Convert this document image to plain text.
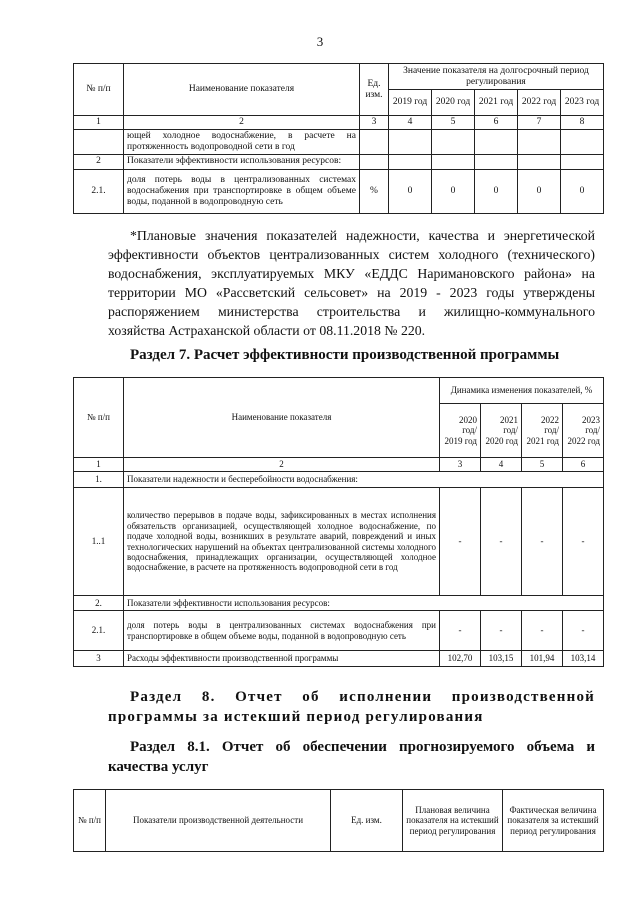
3
№ п/п	Наименование показателя	Ед. изм.	Значение показателя на долгосрочный период регулирования				
			2019 год	2020 год	2021 год	2022 год	2023 год
1	2	3	4	5	6	7	8
	ющей холодное водоснабжение, в расчете на протяженность водопроводной сети в год						
2	Показатели эффективности использования ресурсов:						
2.1.	доля потерь воды в централизованных системах водоснабжения при транспортировке в общем объеме воды, поданной в водопроводную сеть	%	0	0	0	0	0

*Плановые значения показателей надежности, качества и энергетической эффективности объектов централизованных систем холодного (технического) водоснабжения, эксплуатируемых МКУ «ЕДДС Наримановского района» на территории МО «Рассветский сельсовет» на 2019 - 2023 годы утверждены распоряжением министерства строительства и жилищно-коммунального хозяйства Астраханской области от 08.11.2018 № 220.

Раздел 7. Расчет эффективности производственной программы
№ п/п	Наименование показателя	Динамика изменения показателей, %			
		2020 год/ 2019 год	2021 год/ 2020 год	2022 год/ 2021 год	2023 год/ 2022 год
1	2	3	4	5	6
1.	Показатели надежности и бесперебойности водоснабжения:				
1..1	количество перерывов в подаче воды, зафиксированных в местах исполнения обязательств организацией, осуществляющей холодное водоснабжение, по подаче холодной воды, возникших в результате аварий, повреждений и иных технологических нарушений на объектах централизованной системы холодного водоснабжения, принадлежащих организации, осуществляющей холодное водоснабжение, в расчете на протяженность водопроводной сети в год	-	-	-	-
2.	Показатели эффективности использования ресурсов:				
2.1.	доля потерь воды в централизованных системах водоснабжения при транспортировке в общем объеме воды, поданной в водопроводную сеть	-	-	-	-
3	Расходы эффективности производственной программы	102,70	103,15	101,94	103,14
Раздел 8. Отчет об исполнении производственной программы за истекший период регулирования
Раздел 8.1. Отчет об обеспечении прогнозируемого объема и качества услуг
№ п/п	Показатели производственной деятельности	Ед. изм.	Плановая величина показателя на истекший период регулирования	Фактическая величина показателя за истекший период регулирования
